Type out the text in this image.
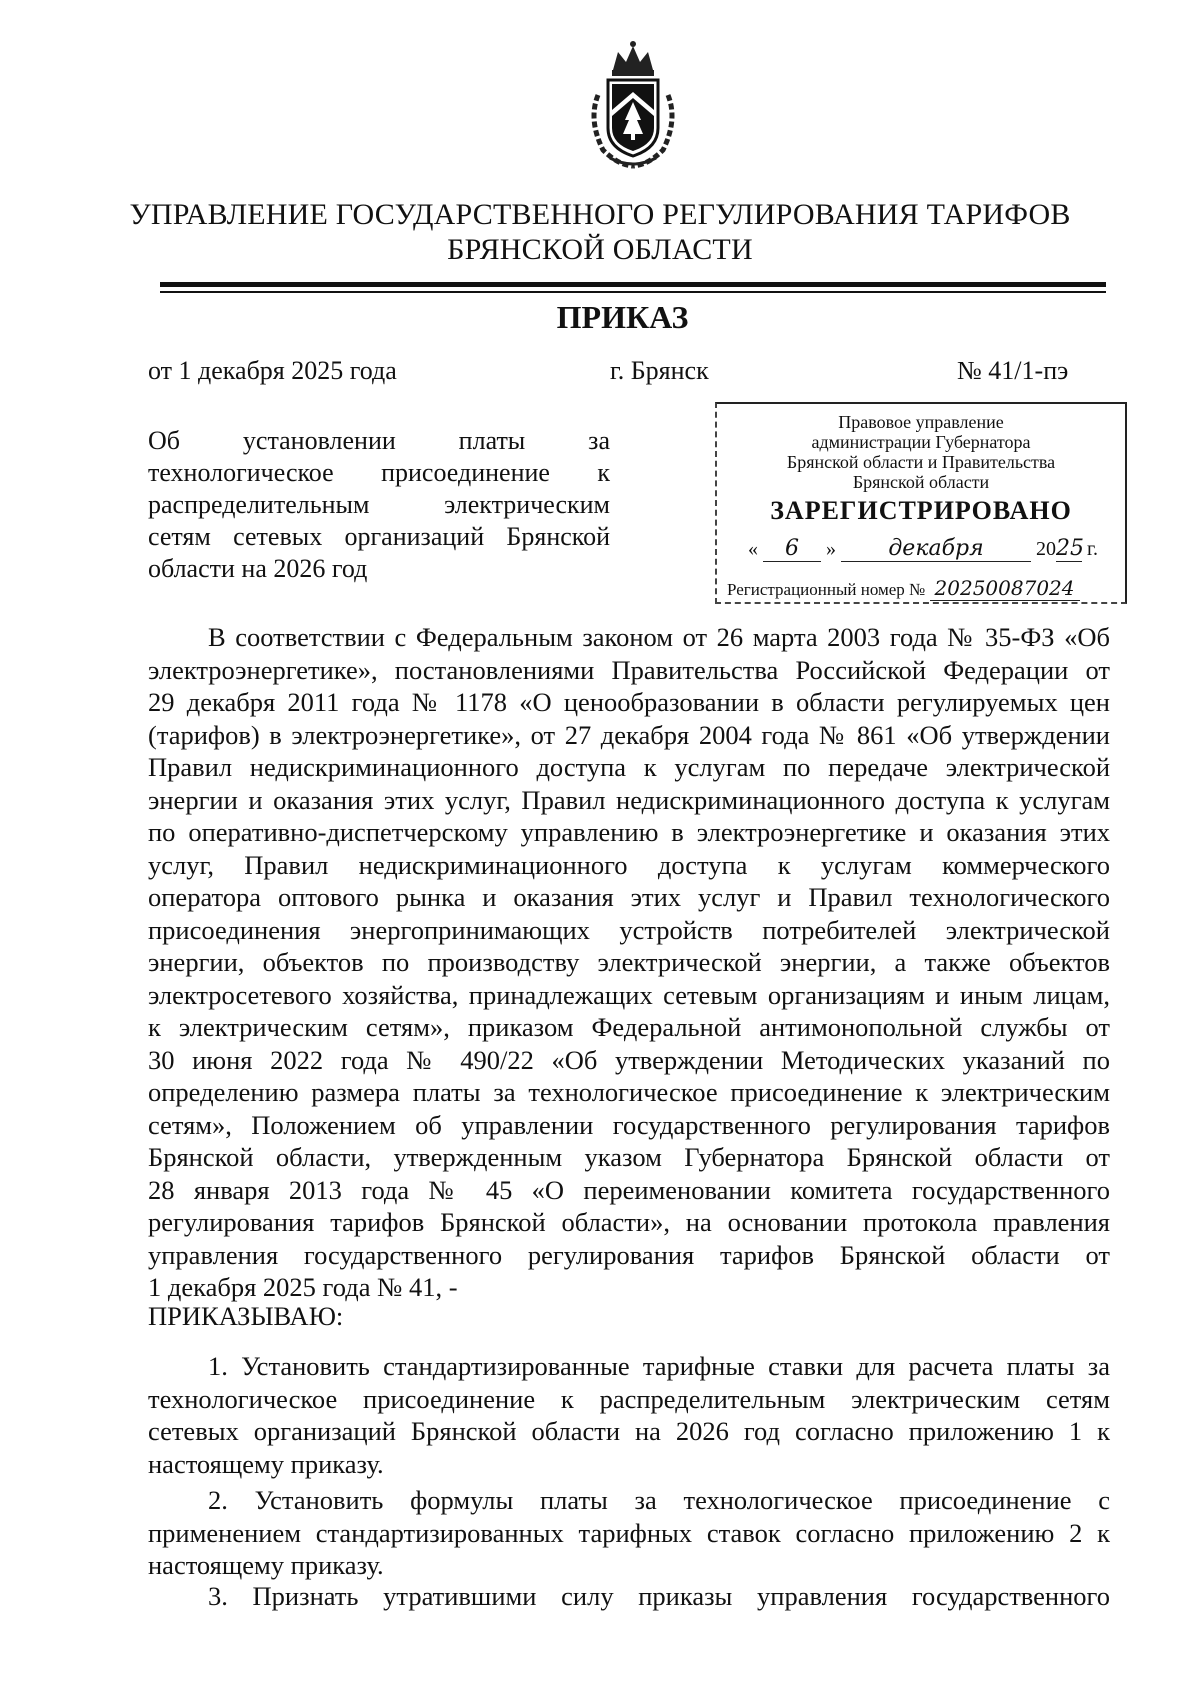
УПРАВЛЕНИЕ ГОСУДАРСТВЕННОГО РЕГУЛИРОВАНИЯ ТАРИФОВ
БРЯНСКОЙ ОБЛАСТИ
ПРИКАЗ
от 1 декабря 2025 года	г. Брянск	№ 41/1-пэ
Об установлении платы за
технологическое присоединение к
распределительным электрическим
сетям сетевых организаций Брянской
области на 2026 год
Правовое управление
администрации Губернатора
Брянской области и Правительства
Брянской области
ЗАРЕГИСТРИРОВАНО
« 6 » декабря	2025 г.
Регистрационный номер № 20250087024
В соответствии с Федеральным законом от 26 марта 2003 года № 35-ФЗ «Об
электроэнергетике», постановлениями Правительства Российской Федерации от
29 декабря 2011 года № 1178 «О ценообразовании в области регулируемых цен
(тарифов) в электроэнергетике», от 27 декабря 2004 года № 861 «Об утверждении
Правил недискриминационного доступа к услугам по передаче электрической
энергии и оказания этих услуг, Правил недискриминационного доступа к услугам
по оперативно-диспетчерскому управлению в электроэнергетике и оказания этих
услуг, Правил недискриминационного доступа к услугам коммерческого
оператора оптового рынка и оказания этих услуг и Правил технологического
присоединения энергопринимающих устройств потребителей электрической
энергии, объектов по производству электрической энергии, а также объектов
электросетевого хозяйства, принадлежащих сетевым организациям и иным лицам,
к электрическим сетям», приказом Федеральной антимонопольной службы от
30 июня 2022 года № 490/22 «Об утверждении Методических указаний по
определению размера платы за технологическое присоединение к электрическим
сетям», Положением об управлении государственного регулирования тарифов
Брянской области, утвержденным указом Губернатора Брянской области от
28 января 2013 года № 45 «О переименовании комитета государственного
регулирования тарифов Брянской области», на основании протокола правления
управления государственного регулирования тарифов Брянской области от
1 декабря 2025 года № 41, -
ПРИКАЗЫВАЮ:
1. Установить стандартизированные тарифные ставки для расчета платы за
технологическое присоединение к распределительным электрическим сетям
сетевых организаций Брянской области на 2026 год согласно приложению 1 к
настоящему приказу.
2. Установить формулы платы за технологическое присоединение с
применением стандартизированных тарифных ставок согласно приложению 2 к
настоящему приказу.
3. Признать утратившими силу приказы управления государственного
